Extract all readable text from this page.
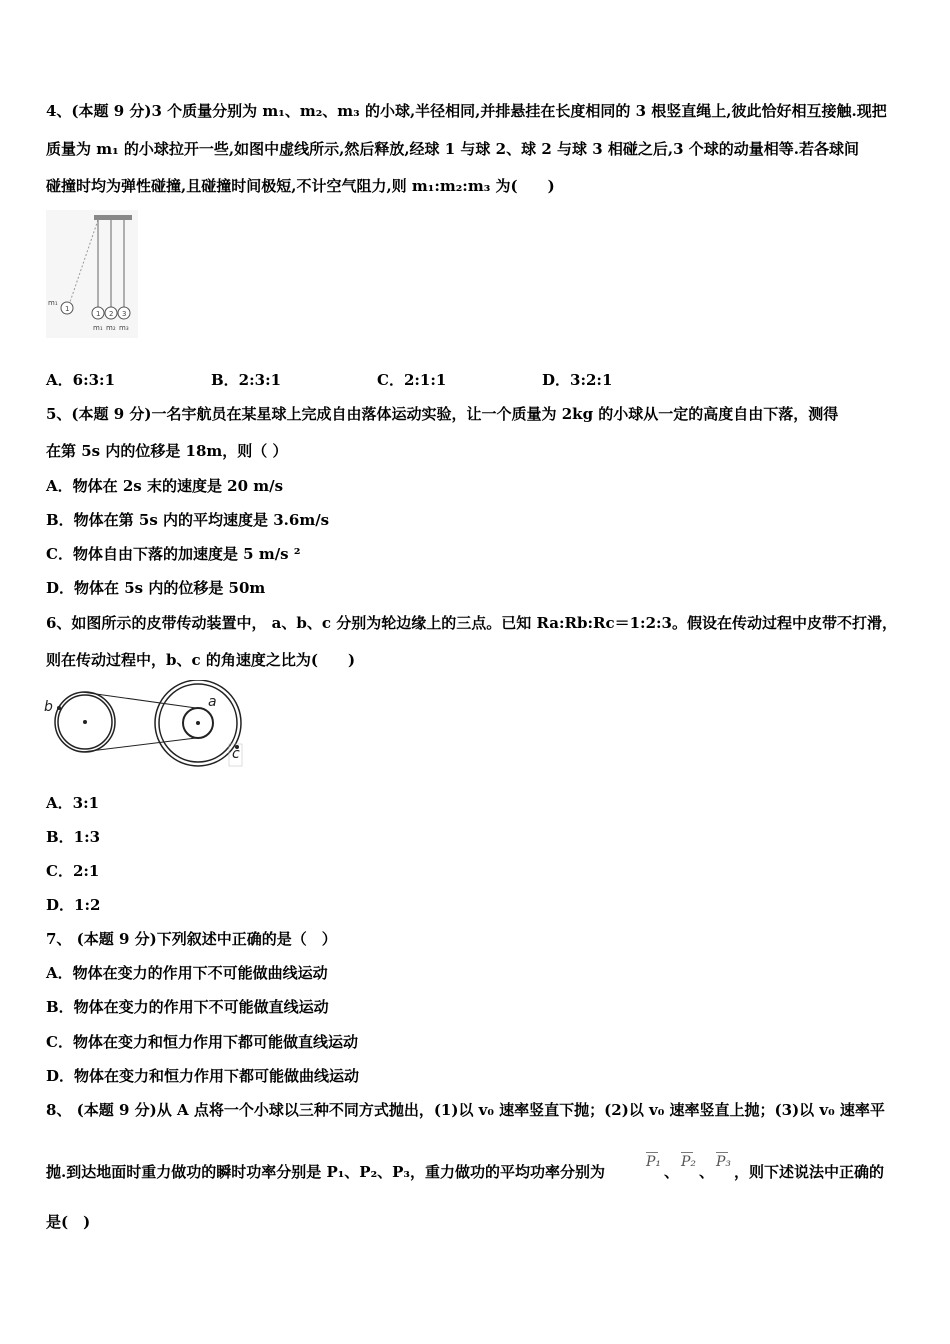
4、(本题 9 分)3 个质量分别为 m₁、m₂、m₃ 的小球,半径相同,并排悬挂在长度相同的 3 根竖直绳上,彼此恰好相互接触.现把
质量为 m₁ 的小球拉开一些,如图中虚线所示,然后释放,经球 1 与球 2、球 2 与球 3 相碰之后,3 个球的动量相等.若各球间
碰撞时均为弹性碰撞,且碰撞时间极短,不计空气阻力,则 m₁:m₂:m₃ 为(　　)
m₁
1
1 2 3
m₁ m₂ m₃
A．6:3:1	B．2:3:1	C．2:1:1	D．3:2:1
5、(本题 9 分)一名宇航员在某星球上完成自由落体运动实验，让一个质量为 2kg 的小球从一定的高度自由下落，测得
在第 5s 内的位移是 18m，则（ ）
A．物体在 2s 末的速度是 20 m/s
B．物体在第 5s 内的平均速度是 3.6m/s
C．物体自由下落的加速度是 5 m/s ²
D．物体在 5s 内的位移是 50m
6、如图所示的皮带传动装置中， a、b、c 分别为轮边缘上的三点。已知 Ra:Rb:Rc＝1:2:3。假设在传动过程中皮带不打滑，
则在传动过程中，b、c 的角速度之比为(　　)
b	a
c
A．3:1
B．1:3
C．2:1
D．1:2
7、 (本题 9 分)下列叙述中正确的是（　）
A．物体在变力的作用下不可能做曲线运动
B．物体在变力的作用下不可能做直线运动
C．物体在变力和恒力作用下都可能做直线运动
D．物体在变力和恒力作用下都可能做曲线运动
8、 (本题 9 分)从 A 点将一个小球以三种不同方式抛出，(1)以 v₀ 速率竖直下抛；(2)以 v₀ 速率竖直上抛；(3)以 v₀ 速率平
抛.到达地面时重力做功的瞬时功率分别是 P₁、P₂、P₃，重力做功的平均功率分别为
P₁
、
P₂
、
P₃
，则下述说法中正确的
是(　)
